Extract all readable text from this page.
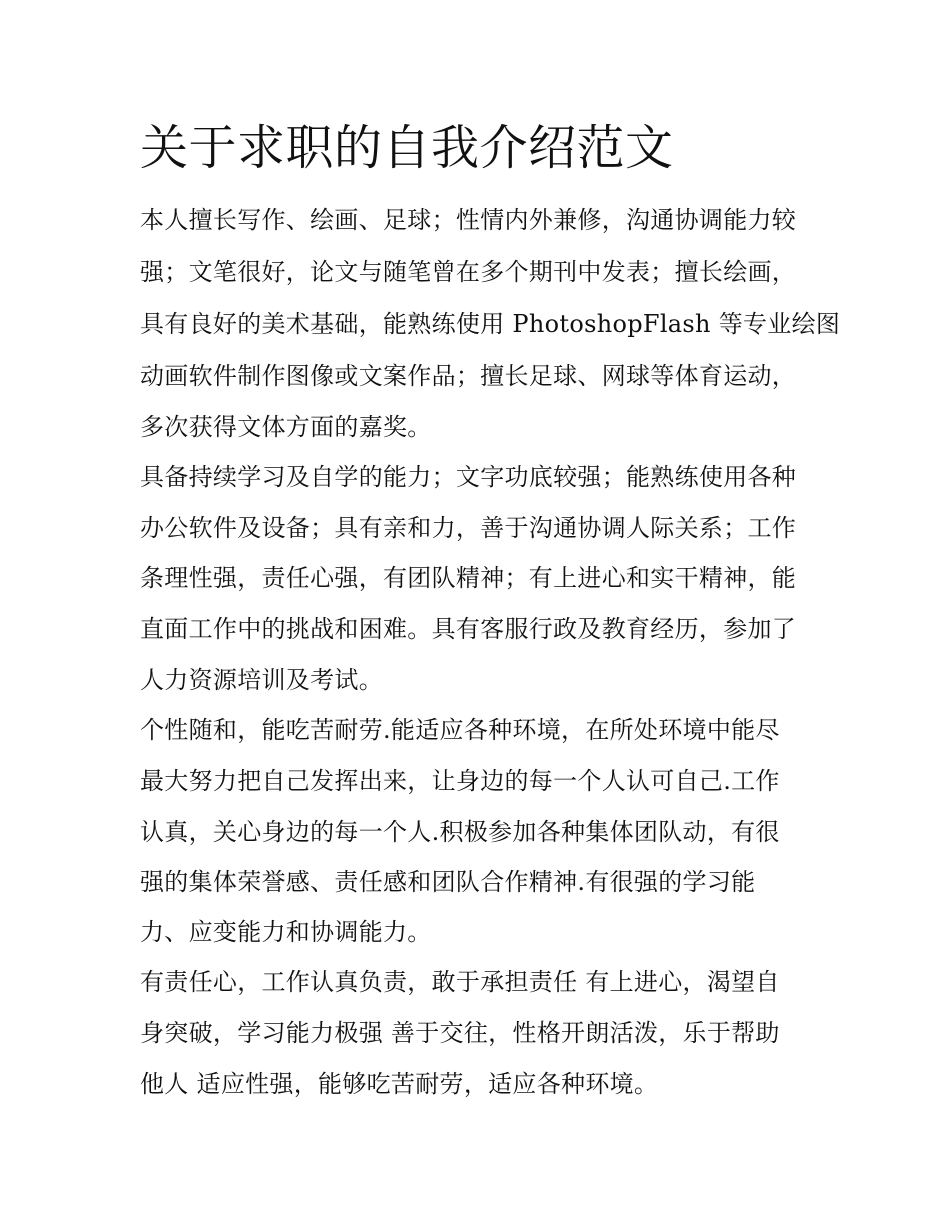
关于求职的自我介绍范文

本人擅长写作、绘画、足球；性情内外兼修，沟通协调能力较

强；文笔很好，论文与随笔曾在多个期刊中发表；擅长绘画，

具有良好的美术基础，能熟练使用 PhotoshopFlash 等专业绘图

动画软件制作图像或文案作品；擅长足球、网球等体育运动，

多次获得文体方面的嘉奖。

具备持续学习及自学的能力；文字功底较强；能熟练使用各种

办公软件及设备；具有亲和力，善于沟通协调人际关系；工作

条理性强，责任心强，有团队精神；有上进心和实干精神，能

直面工作中的挑战和困难。具有客服行政及教育经历，参加了

人力资源培训及考试。

个性随和，能吃苦耐劳.能适应各种环境，在所处环境中能尽

最大努力把自己发挥出来，让身边的每一个人认可自己.工作

认真，关心身边的每一个人.积极参加各种集体团队动，有很

强的集体荣誉感、责任感和团队合作精神.有很强的学习能

力、应变能力和协调能力。

有责任心，工作认真负责，敢于承担责任 有上进心，渴望自

身突破，学习能力极强 善于交往，性格开朗活泼，乐于帮助

他人 适应性强，能够吃苦耐劳，适应各种环境。
